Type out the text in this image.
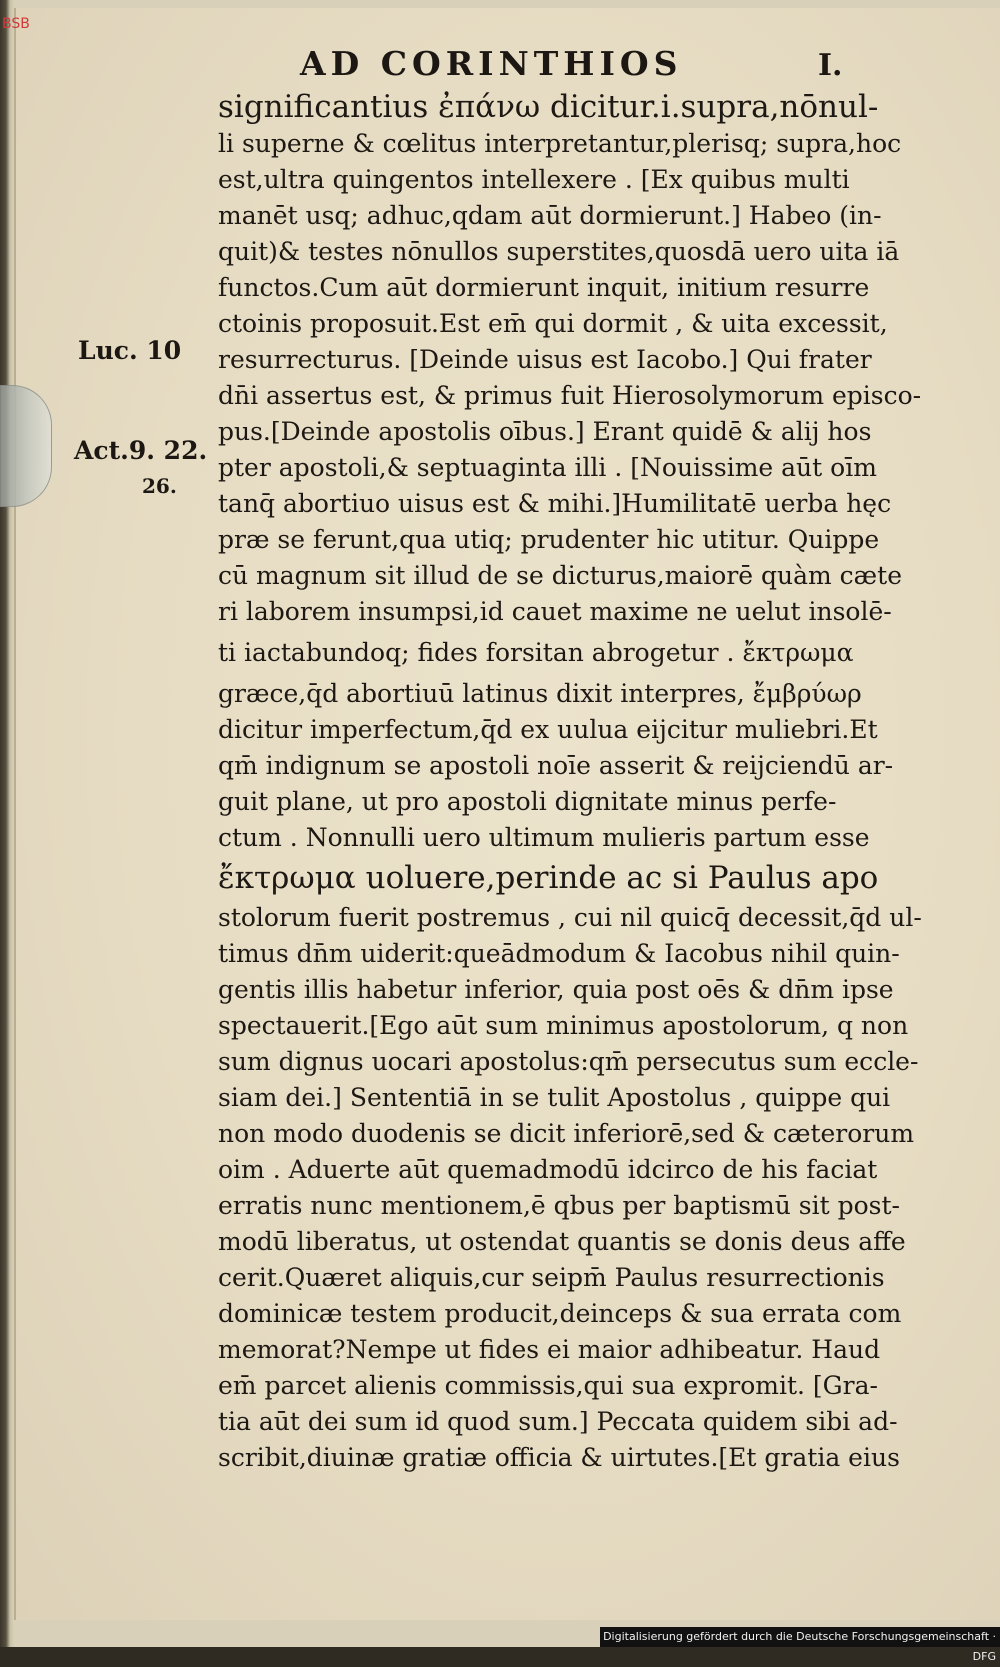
BSB
AD CORINTHIOS	I.
Luc. 10
Act.9. 22.
26.
significantius ἐπάνω dicitur.i.supra,nōnul-
li superne & cœlitus interpretantur,plerisq; supra,hoc
est,ultra quingentos intellexere . [Ex quibus multi
manēt usq; adhuc,qdam aūt dormierunt.] Habeo (in-
quit)& testes nōnullos superstites,quosdā uero uita iā
functos.Cum aūt dormierunt inquit, initium resurre
ctoinis proposuit.Est em̄ qui dormit , & uita excessit,
resurrecturus. [Deinde uisus est Iacobo.] Qui frater
dn̄i assertus est, & primus fuit Hierosolymorum episco-
pus.[Deinde apostolis oībus.] Erant quidē & alij hos
pter apostoli,& septuaginta illi . [Nouissime aūt oīm
tanq̄ abortiuo uisus est & mihi.]Humilitatē uerba hęc
præ se ferunt,qua utiq; prudenter hic utitur. Quippe
cū magnum sit illud de se dicturus,maiorē quàm cæte
ri laborem insumpsi,id cauet maxime ne uelut insolē-
ti iactabundoq; fides forsitan abrogetur . ἔκτρωμα
græce,q̄d abortiuū latinus dixit interpres, ἔμβρύωρ
dicitur imperfectum,q̄d ex uulua eijcitur muliebri.Et
qm̄ indignum se apostoli noīe asserit & reijciendū ar-
guit plane, ut pro apostoli dignitate minus perfe-
ctum . Nonnulli uero ultimum mulieris partum esse
ἔκτρωμα uoluere,perinde ac si Paulus apo
stolorum fuerit postremus , cui nil quicq̄ decessit,q̄d ul-
timus dn̄m uiderit:queādmodum & Iacobus nihil quin-
gentis illis habetur inferior, quia post oēs & dn̄m ipse
spectauerit.[Ego aūt sum minimus apostolorum, q non
sum dignus uocari apostolus:qm̄ persecutus sum eccle-
siam dei.] Sententiā in se tulit Apostolus , quippe qui
non modo duodenis se dicit inferiorē,sed & cæterorum
oim . Aduerte aūt quemadmodū idcirco de his faciat
erratis nunc mentionem,ē qbus per baptismū sit post-
modū liberatus, ut ostendat quantis se donis deus affe
cerit.Quæret aliquis,cur seipm̄ Paulus resurrectionis
dominicæ testem producit,deinceps & sua errata com
memorat?Nempe ut fides ei maior adhibeatur. Haud
em̄ parcet alienis commissis,qui sua expromit. [Gra-
tia aūt dei sum id quod sum.] Peccata quidem sibi ad-
scribit,diuinæ gratiæ officia & uirtutes.[Et gratia eius
Digitalisierung gefördert durch die Deutsche Forschungsgemeinschaft · DFG
